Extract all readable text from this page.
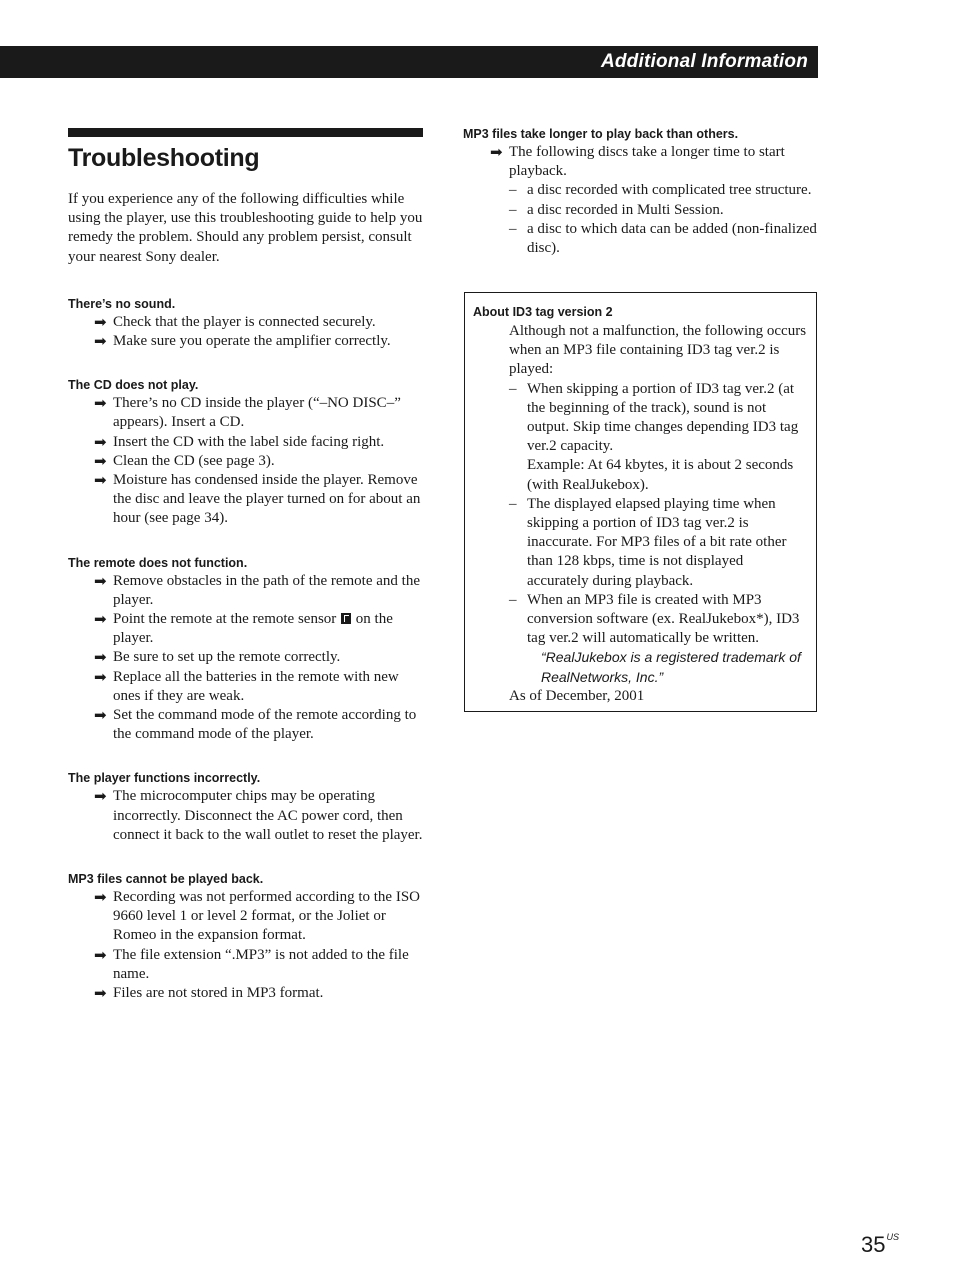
Additional Information
Troubleshooting

If you experience any of the following difficulties while using the player, use this troubleshooting guide to help you remedy the problem. Should any problem persist, consult your nearest Sony dealer.

There’s no sound.

➡ Check that the player is connected securely.
➡ Make sure you operate the amplifier correctly.

The CD does not play.

➡ There’s no CD inside the player (“–NO DISC–” appears). Insert a CD.
➡ Insert the CD with the label side facing right.
➡ Clean the CD (see page 3).
➡ Moisture has condensed inside the player. Remove the disc and leave the player turned on for about an hour (see page 34).

The remote does not function.

➡ Remove obstacles in the path of the remote and the player.
➡ Point the remote at the remote sensor  on the player.
➡ Be sure to set up the remote correctly.
➡ Replace all the batteries in the remote with new ones if they are weak.
➡ Set the command mode of the remote according to the command mode of the player.

The player functions incorrectly.

➡ The microcomputer chips may be operating incorrectly. Disconnect the AC power cord, then connect it back to the wall outlet to reset the player.

MP3 files cannot be played back.

➡ Recording was not performed according to the ISO 9660 level 1 or level 2 format, or the Joliet or Romeo in the expansion format.
➡ The file extension “.MP3” is not added to the file name.
➡ Files are not stored in MP3 format.

MP3 files take longer to play back than others.

➡ The following discs take a longer time to start playback.
– a disc recorded with complicated tree structure.
– a disc recorded in Multi Session.
– a disc to which data can be added (non-finalized disc).

About ID3 tag version 2

Although not a malfunction, the following occurs when an MP3 file containing ID3 tag ver.2 is played:
– When skipping a portion of ID3 tag ver.2 (at the beginning of the track), sound is not output. Skip time changes depending ID3 tag ver.2 capacity.
Example: At 64 kbytes, it is about 2 seconds (with RealJukebox).
– The displayed elapsed playing time when skipping a portion of ID3 tag ver.2 is inaccurate. For MP3 files of a bit rate other than 128 kbps, time is not displayed accurately during playback.
– When an MP3 file is created with MP3 conversion software (ex. RealJukebox*), ID3 tag ver.2 will automatically be written.
“RealJukebox is a registered trademark of RealNetworks, Inc.”
As of December, 2001
$35^{US}$
